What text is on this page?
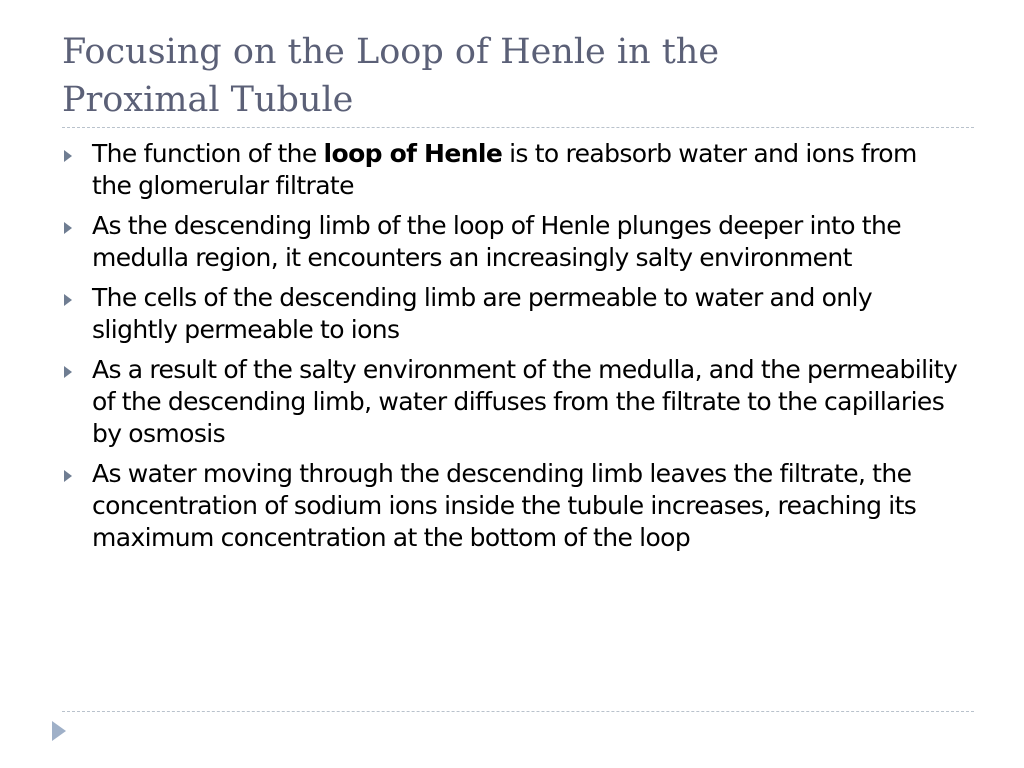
Focusing on the Loop of Henle in the
Proximal Tubule
The function of the loop of Henle is to reabsorb water and ions from the glomerular filtrate
As the descending limb of the loop of Henle plunges deeper into the medulla region, it encounters an increasingly salty environment
The cells of the descending limb are permeable to water and only slightly permeable to ions
As a result of the salty environment of the medulla, and the permeability of the descending limb, water diffuses from the filtrate to the capillaries by osmosis
As water moving through the descending limb leaves the filtrate, the concentration of sodium ions inside the tubule increases, reaching its maximum concentration at the bottom of the loop
